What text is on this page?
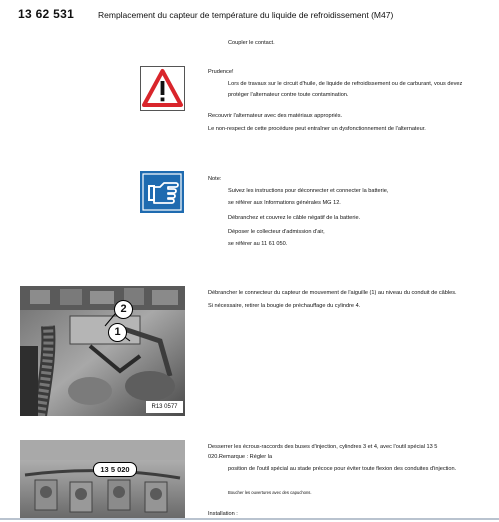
13 62 531	Remplacement du capteur de température du liquide de refroidissement (M47)
Coupler le contact.
Prudence!
Lors de travaux sur le circuit d'huile, de liquide de refroidissement ou de carburant, vous devez
protéger l'alternateur contre toute contamination.
Recouvrir l'alternateur avec des matériaux appropriés.
Le non-respect de cette procédure peut entraîner un dysfonctionnement de l'alternateur.
Note:
Suivez les instructions pour déconnecter et connecter la batterie,
se référer aux Informations générales MG 12.
Débranchez et couvrez le câble négatif de la batterie.
Déposer le collecteur d'admission d'air,
se référer au 11 61 050.
2
1
R13 0577
Débrancher le connecteur du capteur de mouvement de l'aiguille (1) au niveau du conduit de câbles.
Si nécessaire, retirer la bougie de préchauffage du cylindre 4.
13 5 020
Desserrer les écrous-raccords des buses d'injection, cylindres 3 et 4, avec l'outil spécial 13 5
020.Remarque : Régler la
position de l'outil spécial au stade précoce pour éviter toute flexion des conduites d'injection.
Boucher les ouvertures avec des capuchons.
Installation :
